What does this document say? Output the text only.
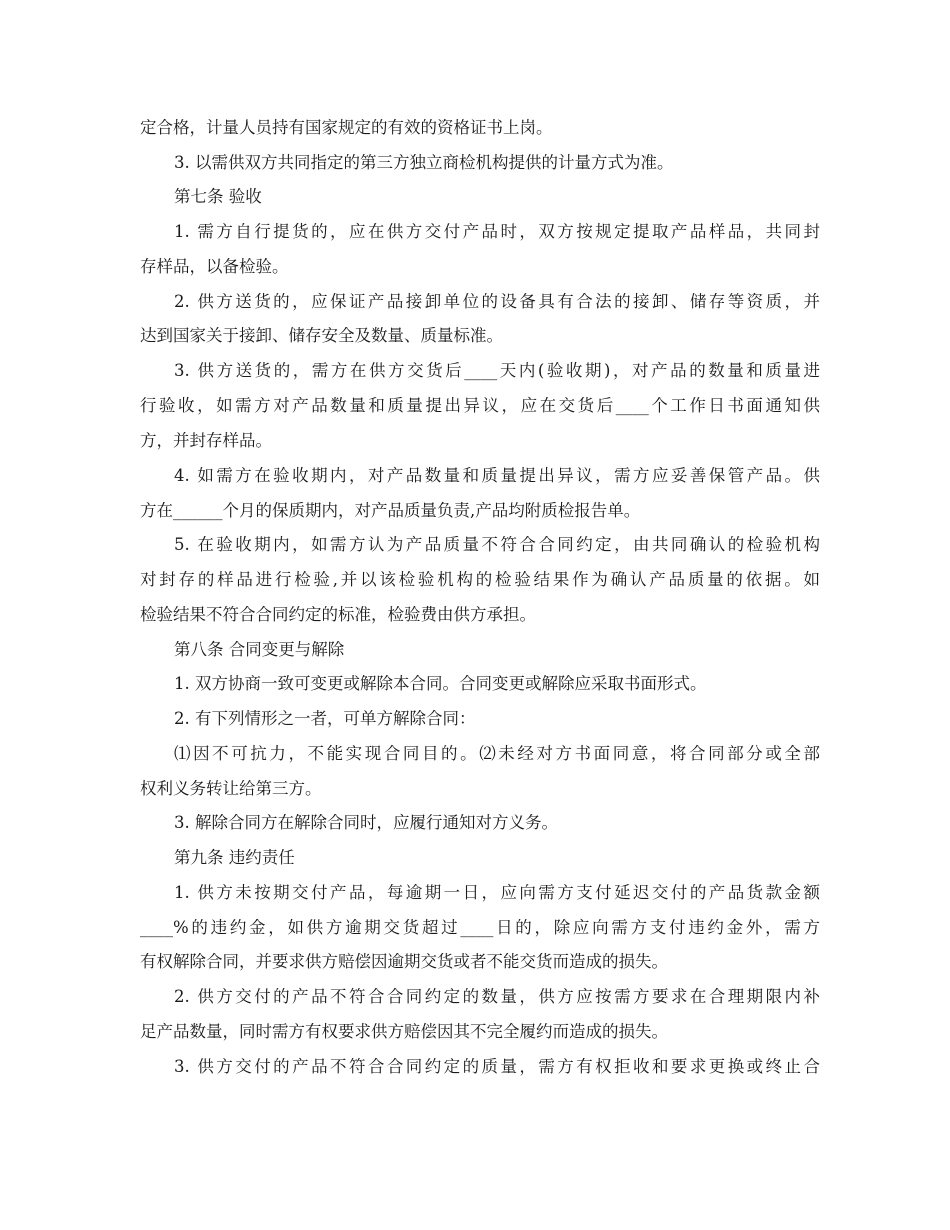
定合格，计量人员持有国家规定的有效的资格证书上岗。
3. 以需供双方共同指定的第三方独立商检机构提供的计量方式为准。
第七条 验收
1. 需方自行提货的，应在供方交付产品时，双方按规定提取产品样品，共同封
存样品，以备检验。
2. 供方送货的，应保证产品接卸单位的设备具有合法的接卸、储存等资质，并
达到国家关于接卸、储存安全及数量、质量标准。
3. 供方送货的，需方在供方交货后____天内(验收期)，对产品的数量和质量进
行验收，如需方对产品数量和质量提出异议，应在交货后____个工作日书面通知供
方，并封存样品。
4. 如需方在验收期内，对产品数量和质量提出异议，需方应妥善保管产品。供
方在______个月的保质期内，对产品质量负责,产品均附质检报告单。
5. 在验收期内，如需方认为产品质量不符合合同约定，由共同确认的检验机构
对封存的样品进行检验,并以该检验机构的检验结果作为确认产品质量的依据。如
检验结果不符合合同约定的标准，检验费由供方承担。
第八条 合同变更与解除
1. 双方协商一致可变更或解除本合同。合同变更或解除应采取书面形式。
2. 有下列情形之一者，可单方解除合同：
⑴因不可抗力，不能实现合同目的。⑵未经对方书面同意，将合同部分或全部
权利义务转让给第三方。
3. 解除合同方在解除合同时，应履行通知对方义务。
第九条 违约责任
1. 供方未按期交付产品，每逾期一日，应向需方支付延迟交付的产品货款金额
____%的违约金，如供方逾期交货超过____日的，除应向需方支付违约金外，需方
有权解除合同，并要求供方赔偿因逾期交货或者不能交货而造成的损失。
2. 供方交付的产品不符合合同约定的数量，供方应按需方要求在合理期限内补
足产品数量，同时需方有权要求供方赔偿因其不完全履约而造成的损失。
3. 供方交付的产品不符合合同约定的质量，需方有权拒收和要求更换或终止合
